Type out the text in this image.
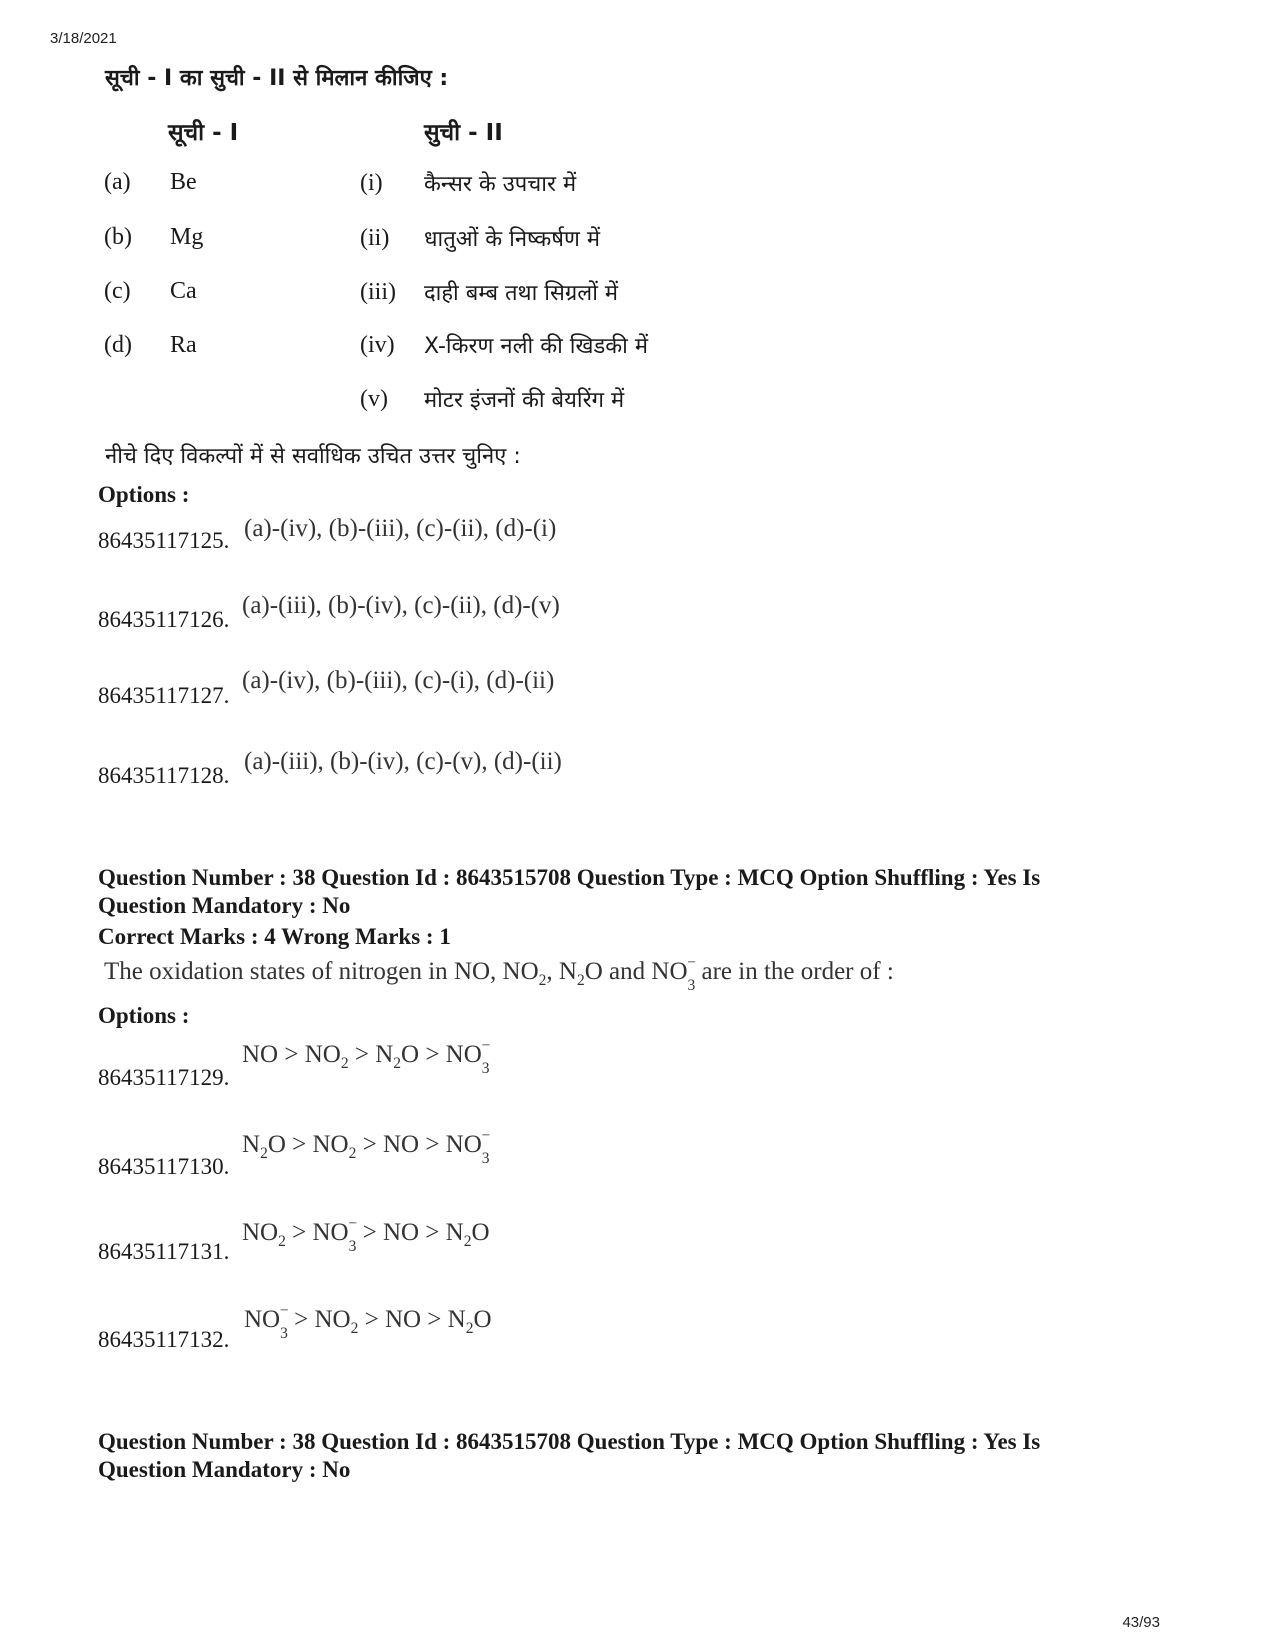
3/18/2021
43/93
सूची - I का सुची - II से मिलान कीजिए :
सूची - I	सुची - II
(a) Be
(b) Mg
(c) Ca
(d) Ra
(i) कैन्सर के उपचार में
(ii) धातुओं के निष्कर्षण में
(iii) दाही बम्ब तथा सिग्रलों में
(iv) X-किरण नली की खिडकी में
(v) मोटर इंजनों की बेयरिंग में
नीचे दिए विकल्पों में से सर्वाधिक उचित उत्तर चुनिए :
Options :
86435117125. (a)-(iv), (b)-(iii), (c)-(ii), (d)-(i)
86435117126.
(a)-(iii), (b)-(iv), (c)-(ii), (d)-(v)
86435117127.
(a)-(iv), (b)-(iii), (c)-(i), (d)-(ii)
86435117128.
(a)-(iii), (b)-(iv), (c)-(v), (d)-(ii)
Question Number : 38 Question Id : 8643515708 Question Type : MCQ Option Shuffling : Yes Is
Question Mandatory : No
Correct Marks : 4 Wrong Marks : 1
The oxidation states of nitrogen in NO, $NO_2$, $N_2O$ and $NO_3$
− are in the order of :
Options :
86435117129.
NO > $NO_2 > N_2O > NO_3$
−
86435117130.
$N_2O > NO_2$ > NO > $NO_3$
−
86435117131.
$NO_2 > NO_3$
− > NO > $N_2O$
86435117132.
$NO_3$
− > $NO_2$ > NO > $N_2O$
Question Number : 38 Question Id : 8643515708 Question Type : MCQ Option Shuffling : Yes Is
Question Mandatory : No
